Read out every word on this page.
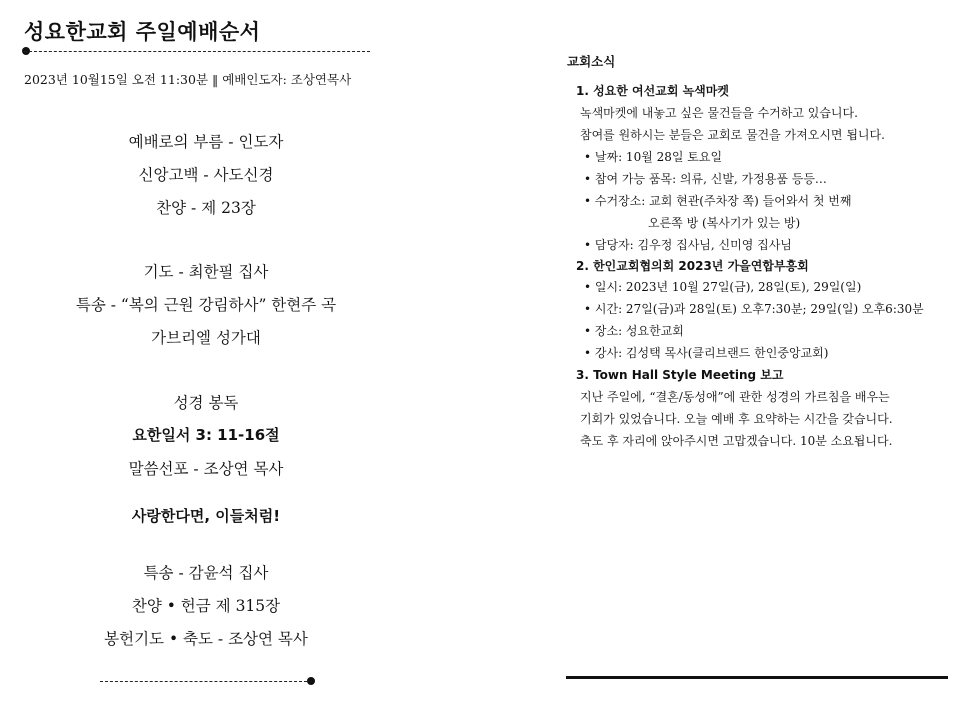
성요한교회 주일예배순서
2023년 10월15일 오전 11:30분 ‖ 예배인도자: 조상연목사
예배로의 부름 - 인도자
신앙고백 - 사도신경
찬양 - 제 23장
기도 - 최한필 집사
특송 - “복의 근원 강림하사” 한현주 곡
가브리엘 성가대
성경 봉독
요한일서 3: 11-16절
말씀선포 - 조상연 목사
사랑한다면, 이들처럼!
특송 - 감윤석 집사
찬양 • 헌금 제 315장
봉헌기도 • 축도 - 조상연 목사
교회소식
1. 성요한 여선교회 녹색마켓
녹색마켓에 내놓고 싶은 물건들을 수거하고 있습니다.
참여를 원하시는 분들은 교회로 물건을 가져오시면 됩니다.
• 날짜: 10월 28일 토요일
• 참여 가능 품목: 의류, 신발, 가정용품 등등…
• 수거장소: 교회 현관(주차장 쪽) 들어와서 첫 번째
오른쪽 방 (복사기가 있는 방)
• 담당자: 김우정 집사님, 신미영 집사님
2. 한인교회협의회 2023년 가을연합부흥회
• 일시: 2023년 10월 27일(금), 28일(토), 29일(일)
• 시간: 27일(금)과 28일(토) 오후7:30분; 29일(일) 오후6:30분
• 장소: 성요한교회
• 강사: 김성택 목사(클리브랜드 한인중앙교회)
3. Town Hall Style Meeting 보고
지난 주일에, “결혼/동성애”에 관한 성경의 가르침을 배우는
기회가 있었습니다. 오늘 예배 후 요약하는 시간을 갖습니다.
축도 후 자리에 앉아주시면 고맙겠습니다. 10분 소요됩니다.
